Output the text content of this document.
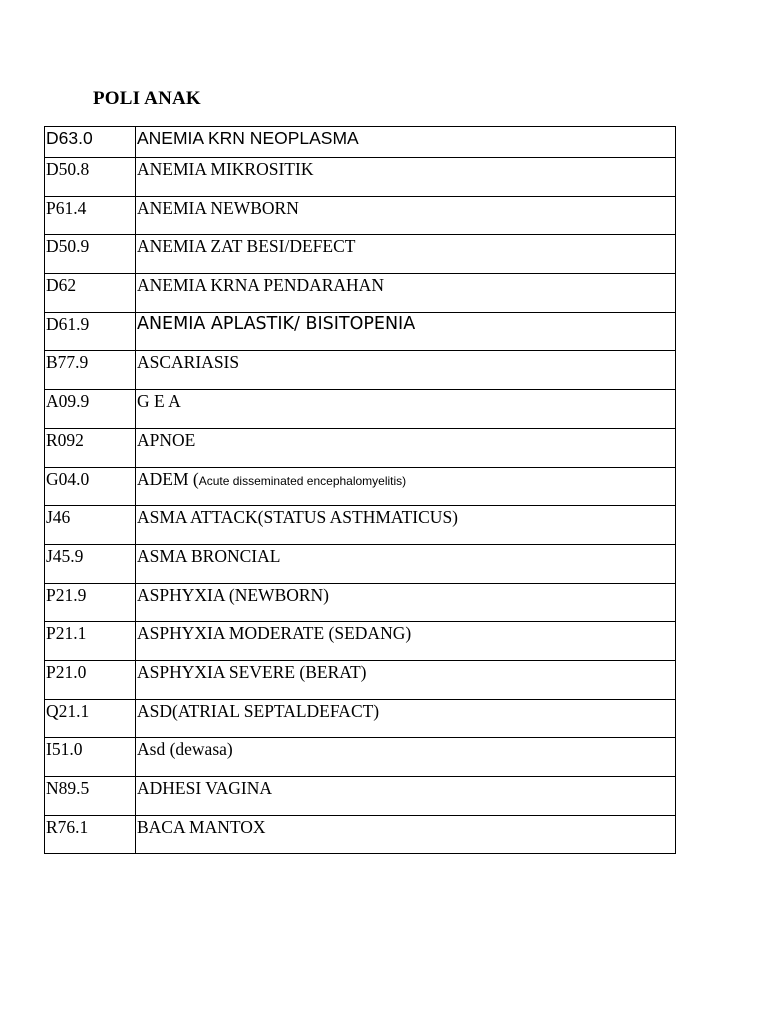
POLI ANAK
D63.0	ANEMIA KRN NEOPLASMA
D50.8	ANEMIA MIKROSITIK
P61.4	ANEMIA NEWBORN
D50.9	ANEMIA ZAT BESI/DEFECT
D62	ANEMIA KRNA PENDARAHAN
D61.9	ANEMIA APLASTIK/ BISITOPENIA
B77.9	ASCARIASIS
A09.9	G E A
R092	APNOE
G04.0	ADEM (Acute disseminated encephalomyelitis)
J46	ASMA ATTACK(STATUS ASTHMATICUS)
J45.9	ASMA BRONCIAL
P21.9	ASPHYXIA (NEWBORN)
P21.1	ASPHYXIA MODERATE (SEDANG)
P21.0	ASPHYXIA SEVERE (BERAT)
Q21.1	ASD(ATRIAL SEPTALDEFACT)
I51.0	Asd (dewasa)
N89.5	ADHESI VAGINA
R76.1	BACA MANTOX
